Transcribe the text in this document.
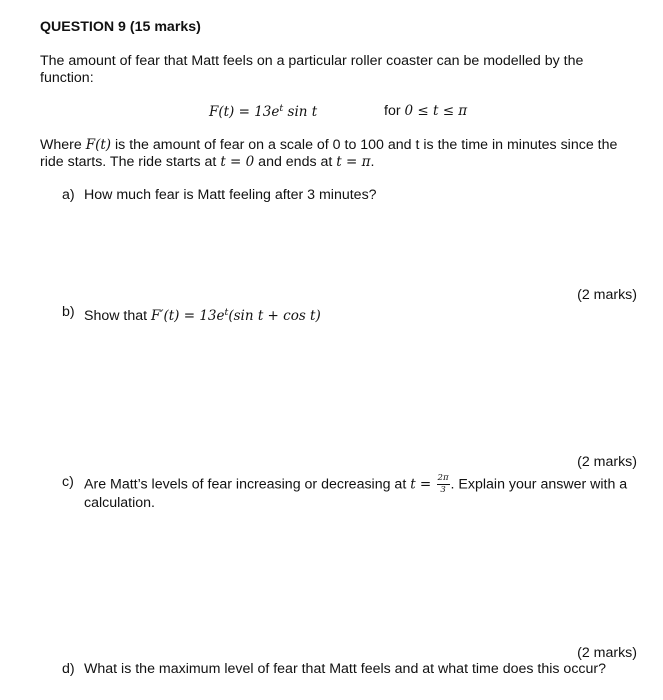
QUESTION 9 (15 marks)
The amount of fear that Matt feels on a particular roller coaster can be modelled by the
function:
$F(t) = 13e^t$ sin t	for 0 ≤ t ≤ π
Where F(t) is the amount of fear on a scale of 0 to 100 and t is the time in minutes since the
ride starts. The ride starts at t = 0 and ends at t = π.
a) How much fear is Matt feeling after 3 minutes?
(2 marks)
b) Show that $F'(t) = 13e^t(\sin$ t + cos t)
(2 marks)
c) Are Matt’s levels of fear increasing or decreasing at $t = \frac{2\pi}{3}$ . Explain your answer with a
calculation.
(2 marks)
d) What is the maximum level of fear that Matt feels and at what time does this occur?
